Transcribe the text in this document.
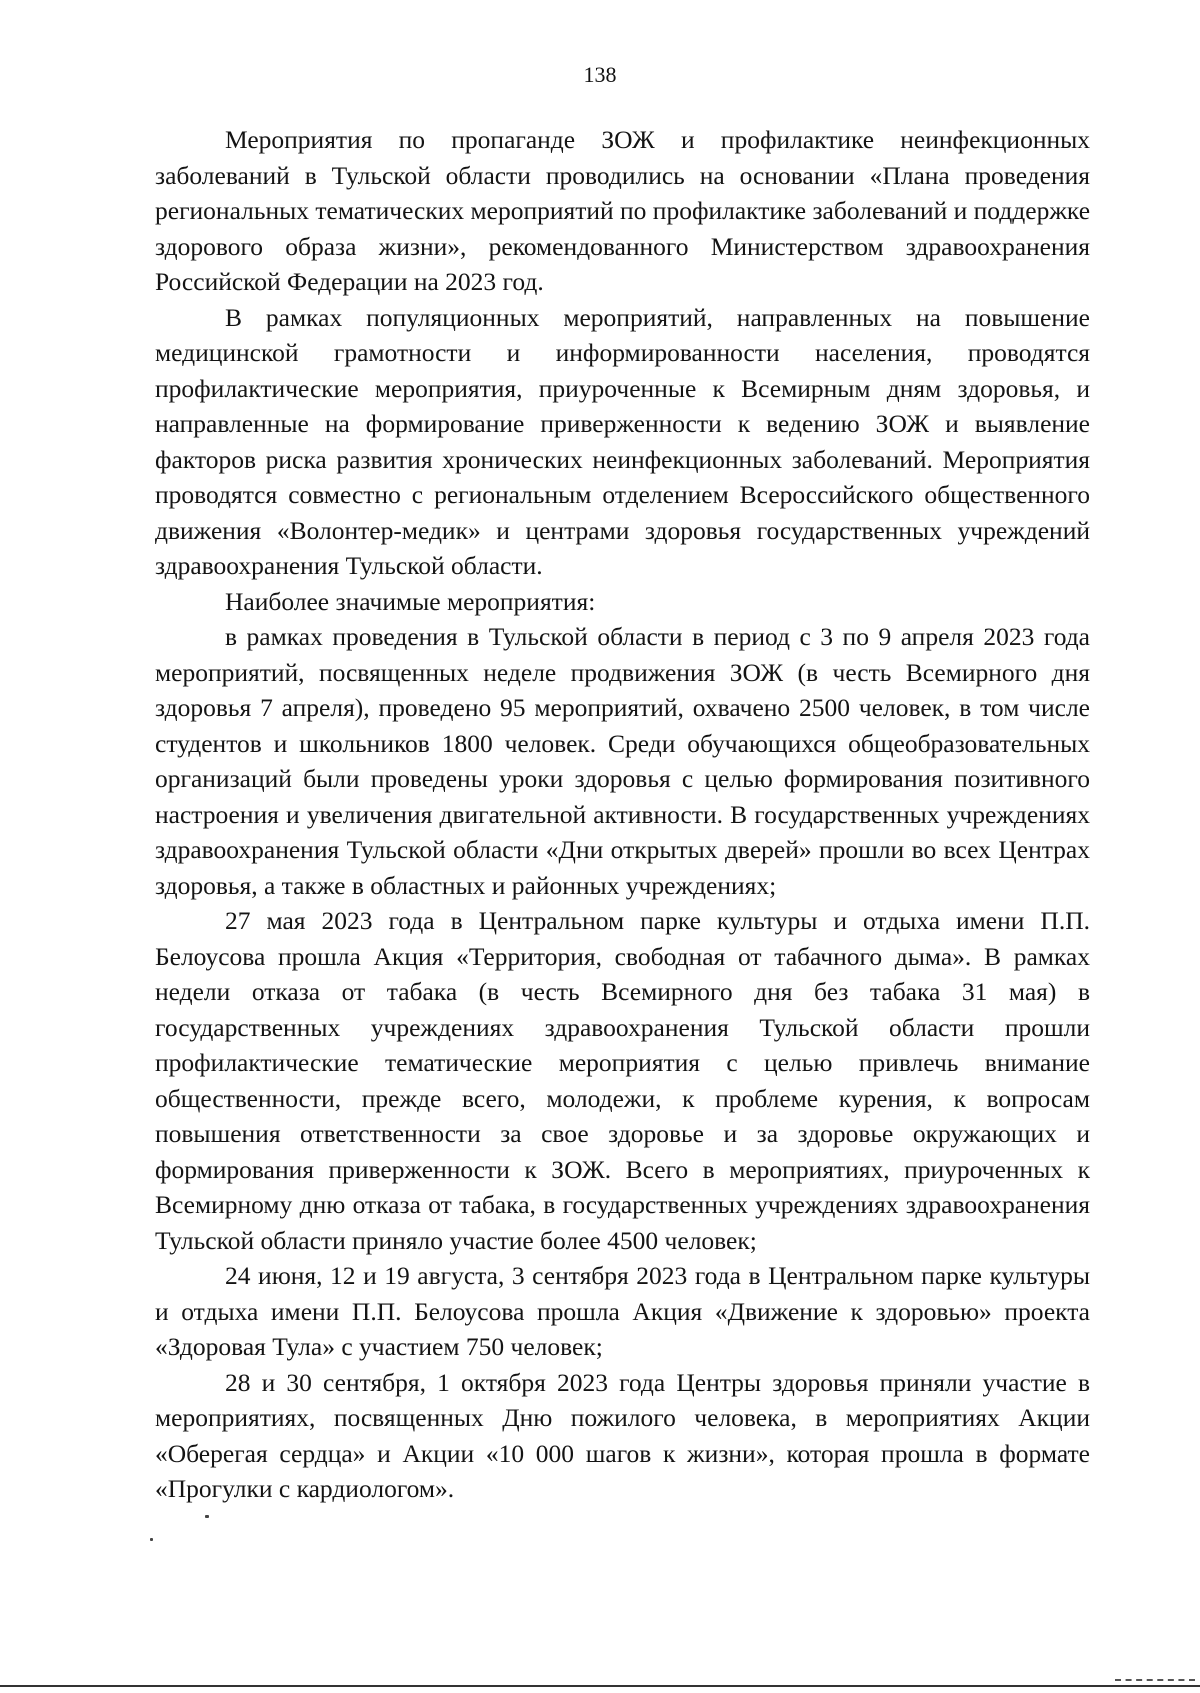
138

Мероприятия по пропаганде ЗОЖ и профилактике неинфекционных заболеваний в Тульской области проводились на основании «Плана проведения региональных тематических мероприятий по профилактике заболеваний и поддержке здорового образа жизни», рекомендованного Министерством здравоохранения Российской Федерации на 2023 год.

В рамках популяционных мероприятий, направленных на повышение медицинской грамотности и информированности населения, проводятся профилактические мероприятия, приуроченные к Всемирным дням здоровья, и направленные на формирование приверженности к ведению ЗОЖ и выявление факторов риска развития хронических неинфекционных заболеваний. Мероприятия проводятся совместно с региональным отделением Всероссийского общественного движения «Волонтер-медик» и центрами здоровья государственных учреждений здравоохранения Тульской области.

Наиболее значимые мероприятия:

в рамках проведения в Тульской области в период с 3 по 9 апреля 2023 года мероприятий, посвященных неделе продвижения ЗОЖ (в честь Всемирного дня здоровья 7 апреля), проведено 95 мероприятий, охвачено 2500 человек, в том числе студентов и школьников 1800 человек. Среди обучающихся общеобразовательных организаций были проведены уроки здоровья с целью формирования позитивного настроения и увеличения двигательной активности. В государственных учреждениях здравоохранения Тульской области «Дни открытых дверей» прошли во всех Центрах здоровья, а также в областных и районных учреждениях;

27 мая 2023 года в Центральном парке культуры и отдыха имени П.П. Белоусова прошла Акция «Территория, свободная от табачного дыма». В рамках недели отказа от табака (в честь Всемирного дня без табака 31 мая) в государственных учреждениях здравоохранения Тульской области прошли профилактические тематические мероприятия с целью привлечь внимание общественности, прежде всего, молодежи, к проблеме курения, к вопросам повышения ответственности за свое здоровье и за здоровье окружающих и формирования приверженности к ЗОЖ. Всего в мероприятиях, приуроченных к Всемирному дню отказа от табака, в государственных учреждениях здравоохранения Тульской области приняло участие более 4500 человек;

24 июня, 12 и 19 августа, 3 сентября 2023 года в Центральном парке культуры и отдыха имени П.П. Белоусова прошла Акция «Движение к здоровью» проекта «Здоровая Тула» с участием 750 человек;

28 и 30 сентября, 1 октября 2023 года Центры здоровья приняли участие в мероприятиях, посвященных Дню пожилого человека, в мероприятиях Акции «Оберегая сердца» и Акции «10 000 шагов к жизни», которая прошла в формате «Прогулки с кардиологом».
